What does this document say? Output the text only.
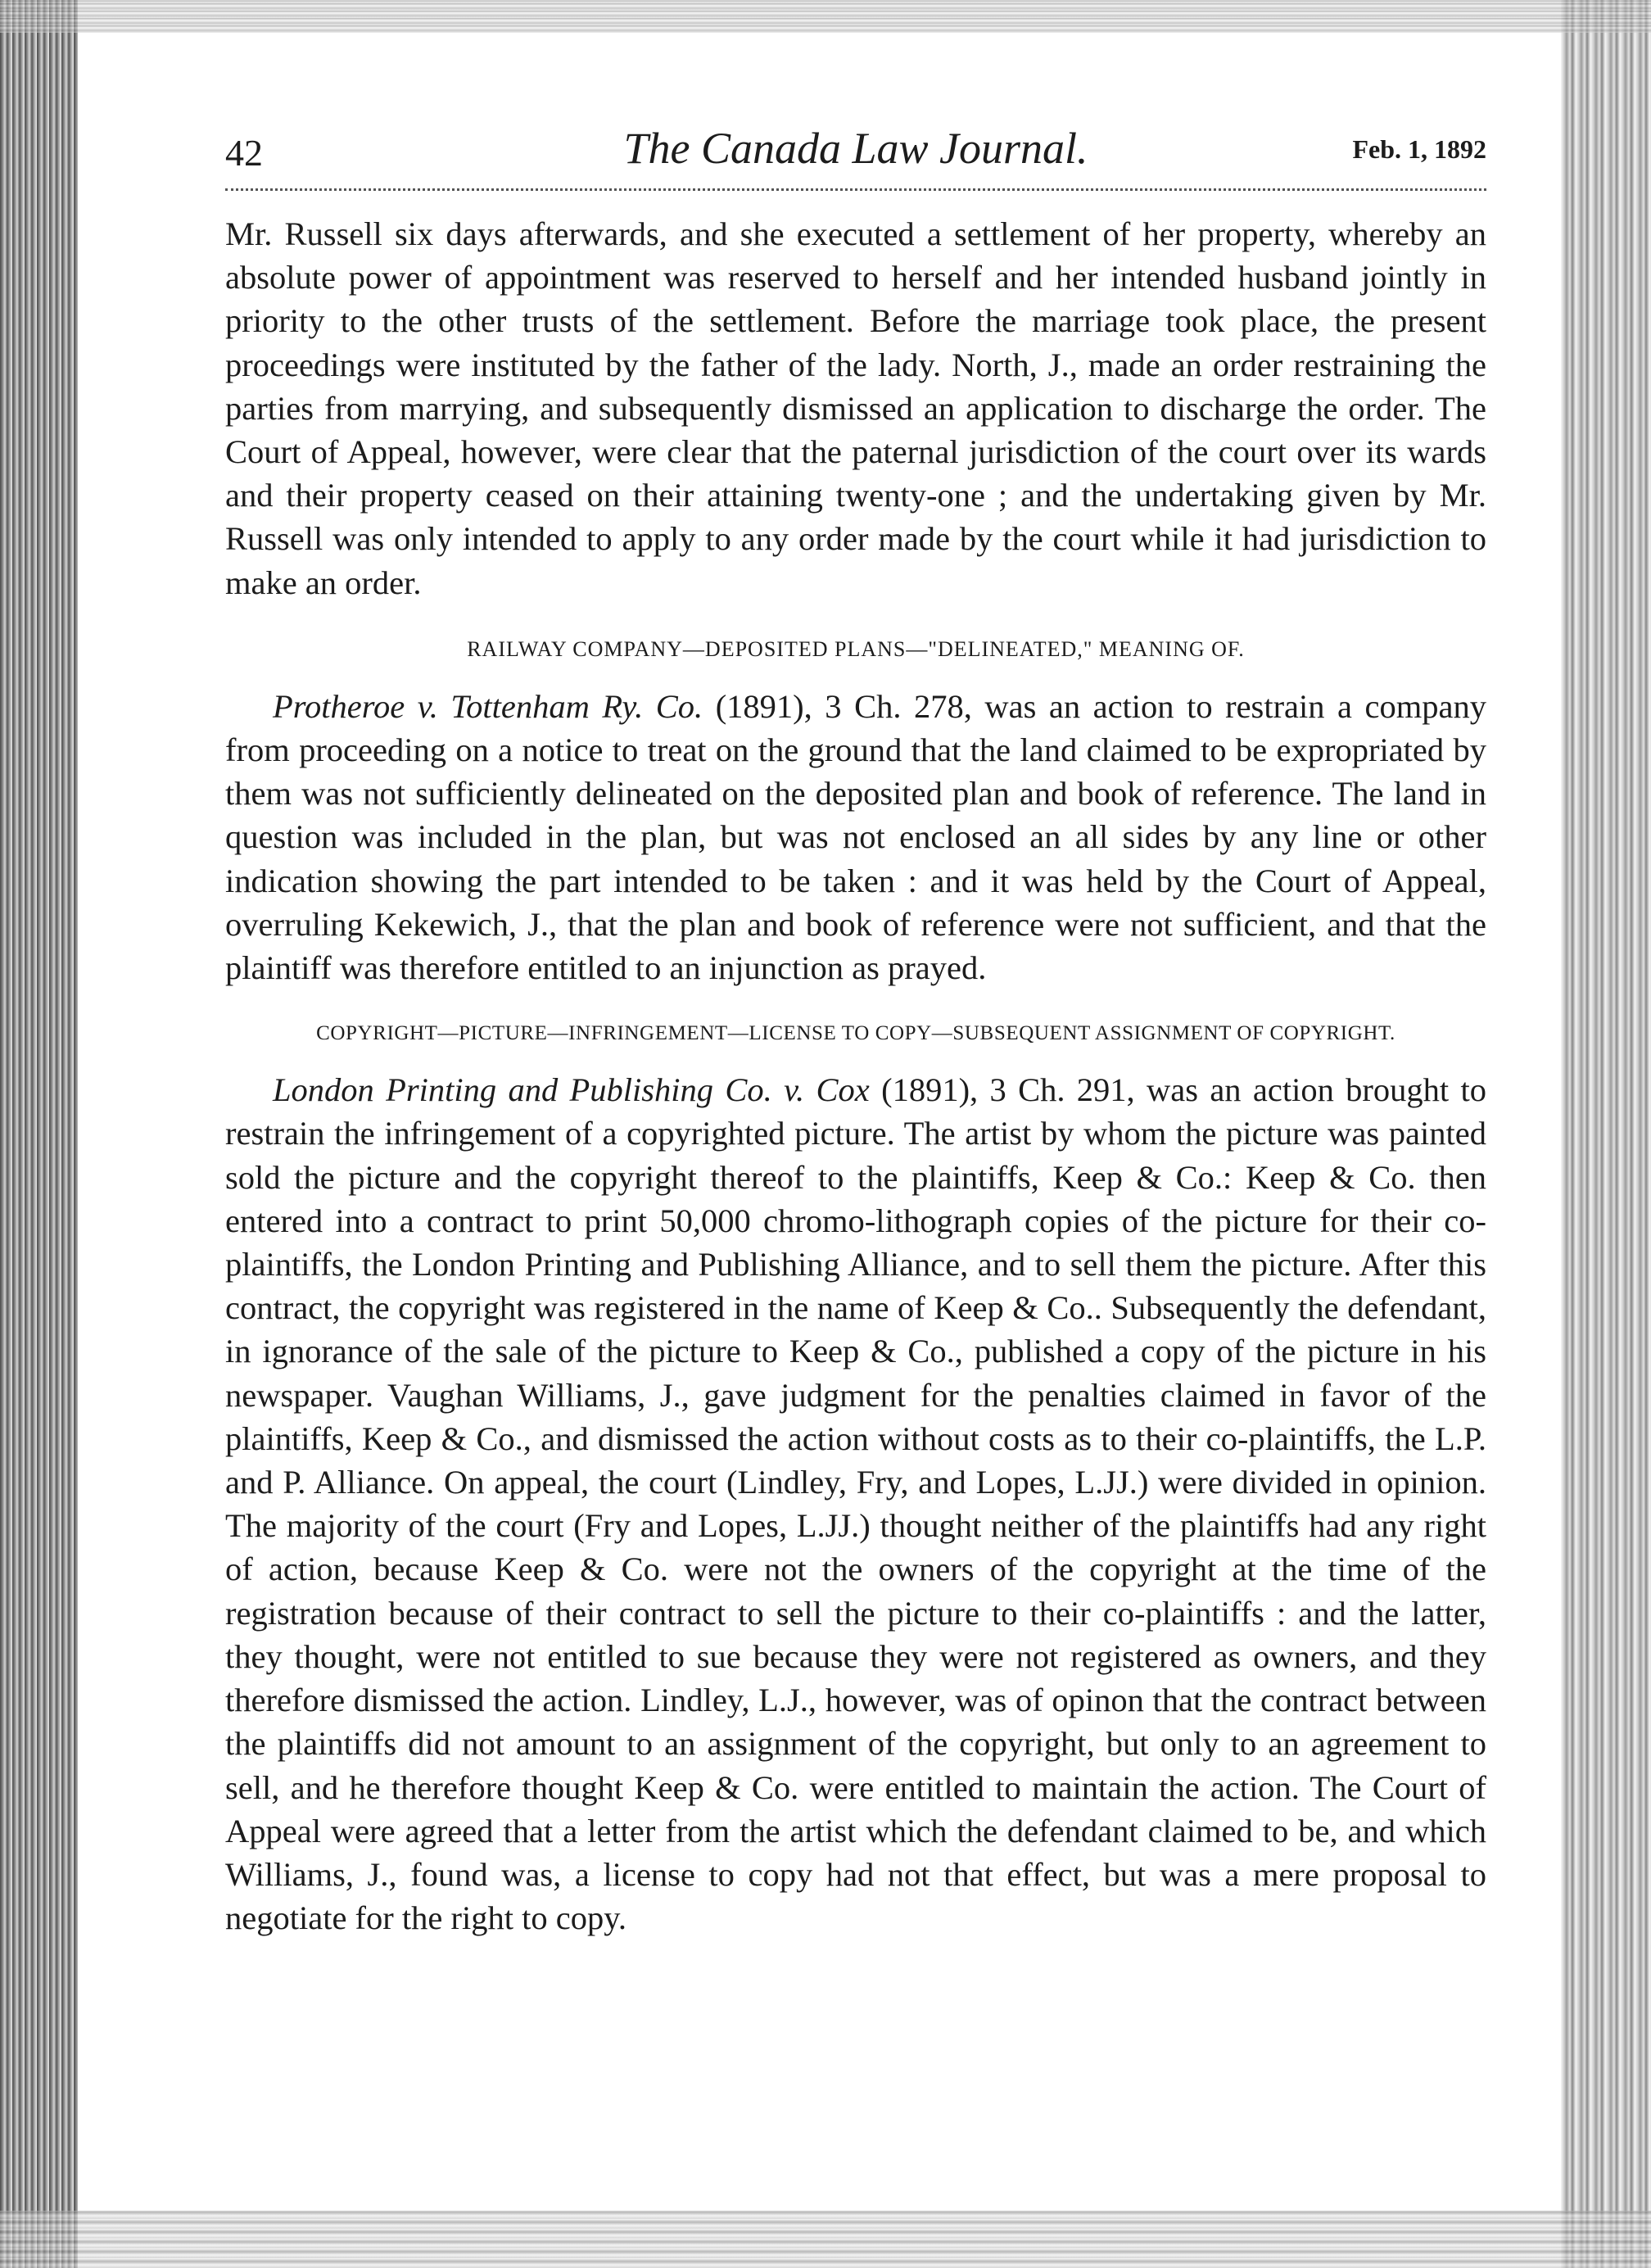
42	The Canada Law Journal.	Feb. 1, 1892

Mr. Russell six days afterwards, and she executed a settlement of her property, whereby an absolute power of appointment was reserved to herself and her intended husband jointly in priority to the other trusts of the settlement. Before the marriage took place, the present proceedings were instituted by the father of the lady. North, J., made an order restraining the parties from marrying, and subsequently dismissed an application to discharge the order. The Court of Appeal, however, were clear that the paternal jurisdiction of the court over its wards and their property ceased on their attaining twenty-one ; and the undertaking given by Mr. Russell was only intended to apply to any order made by the court while it had jurisdiction to make an order.

RAILWAY COMPANY—DEPOSITED PLANS—"DELINEATED," MEANING OF.

Protheroe v. Tottenham Ry. Co. (1891), 3 Ch. 278, was an action to restrain a company from proceeding on a notice to treat on the ground that the land claimed to be expropriated by them was not sufficiently delineated on the deposited plan and book of reference. The land in question was included in the plan, but was not enclosed an all sides by any line or other indication showing the part intended to be taken : and it was held by the Court of Appeal, overruling Kekewich, J., that the plan and book of reference were not sufficient, and that the plaintiff was therefore entitled to an injunction as prayed.

COPYRIGHT—PICTURE—INFRINGEMENT—LICENSE TO COPY—SUBSEQUENT ASSIGNMENT OF COPYRIGHT.

London Printing and Publishing Co. v. Cox (1891), 3 Ch. 291, was an action brought to restrain the infringement of a copyrighted picture. The artist by whom the picture was painted sold the picture and the copyright thereof to the plaintiffs, Keep & Co.: Keep & Co. then entered into a contract to print 50,000 chromo-lithograph copies of the picture for their co-plaintiffs, the London Printing and Publishing Alliance, and to sell them the picture. After this contract, the copyright was registered in the name of Keep & Co.. Subsequently the defendant, in ignorance of the sale of the picture to Keep & Co., published a copy of the picture in his newspaper. Vaughan Williams, J., gave judgment for the penalties claimed in favor of the plaintiffs, Keep & Co., and dismissed the action without costs as to their co-plaintiffs, the L.P. and P. Alliance. On appeal, the court (Lindley, Fry, and Lopes, L.JJ.) were divided in opinion. The majority of the court (Fry and Lopes, L.JJ.) thought neither of the plaintiffs had any right of action, because Keep & Co. were not the owners of the copyright at the time of the registration because of their contract to sell the picture to their co-plaintiffs : and the latter, they thought, were not entitled to sue because they were not registered as owners, and they therefore dismissed the action. Lindley, L.J., however, was of opinon that the contract between the plaintiffs did not amount to an assignment of the copyright, but only to an agreement to sell, and he therefore thought Keep & Co. were entitled to maintain the action. The Court of Appeal were agreed that a letter from the artist which the defendant claimed to be, and which Williams, J., found was, a license to copy had not that effect, but was a mere proposal to negotiate for the right to copy.
